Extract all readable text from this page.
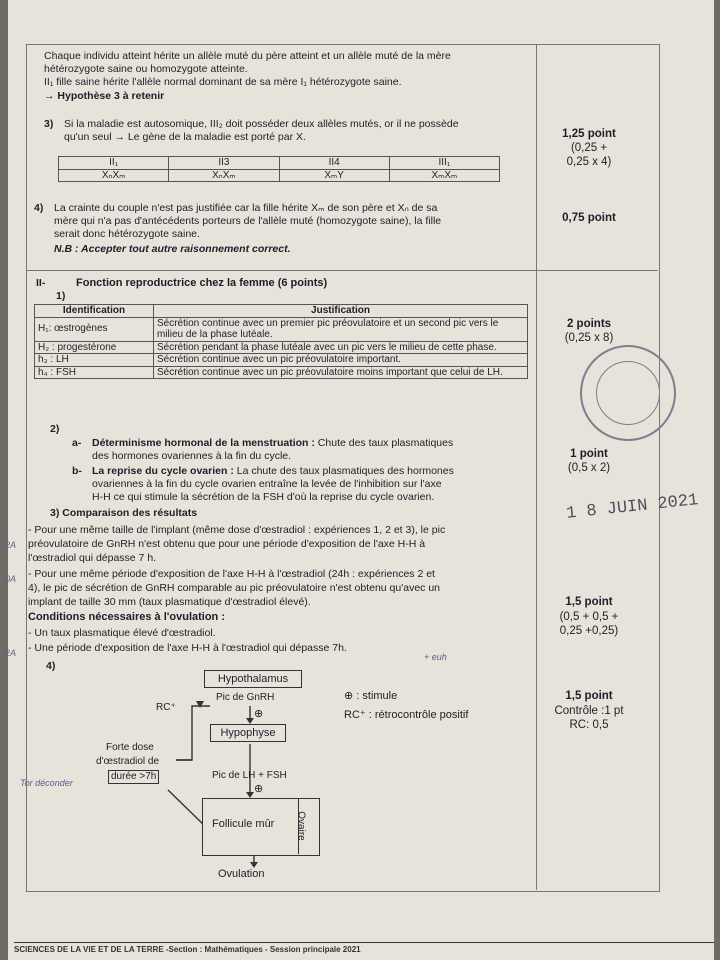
Chaque individu atteint hérite un allèle muté du père atteint et un allèle muté de la mère
hétérozygote saine ou homozygote atteinte.
II₁ fille saine hérite l'allèle normal dominant de sa mère I₁ hétérozygote saine.
→ Hypothèse 3 à retenir
3) Si la maladie est autosomique, III₂ doit posséder deux allèles mutés, or il ne possède
qu'un seul → Le gène de la maladie est porté par X.
II₁	II3	II4	III₁
XₙXₘ	XₙXₘ	XₘY	XₘXₘ
1,25 point
(0,25 +
0,25 x 4)
4) La crainte du couple n'est pas justifiée car la fille hérite Xₘ de son père et Xₙ de sa
mère qui n'a pas d'antécédents porteurs de l'allèle muté (homozygote saine), la fille
serait donc hétérozygote saine.
N.B : Accepter tout autre raisonnement correct.
0,75 point
II-	Fonction reproductrice chez la femme (6 points)
1)
Identification	Justification
H₁: œstrogènes	Sécrétion continue avec un premier pic préovulatoire et un second pic vers le milieu de la phase lutéale.
H₂ : progestérone	Sécrétion pendant la phase lutéale avec un pic vers le milieu de cette phase.
h₃ : LH	Sécrétion continue avec un pic préovulatoire important.
h₄ : FSH	Sécrétion continue avec un pic préovulatoire moins important que celui de LH.
2 points
(0,25 x 8)
2)
a- Déterminisme hormonal de la menstruation : Chute des taux plasmatiques
des hormones ovariennes à la fin du cycle.
b- La reprise du cycle ovarien : La chute des taux plasmatiques des hormones
ovariennes à la fin du cycle ovarien entraîne la levée de l'inhibition sur l'axe
H-H ce qui stimule la sécrétion de la FSH d'où la reprise du cycle ovarien.
1 point
(0,5 x 2)
3) Comparaison des résultats
- Pour une même taille de l'implant (même dose d'œstradiol : expériences 1, 2 et 3), le pic
préovulatoire de GnRH n'est obtenu que pour une période d'exposition de l'axe H-H à
l'œstradiol qui dépasse 7 h.
- Pour une même période d'exposition de l'axe H-H à l'œstradiol (24h : expériences 2 et
4), le pic de sécrétion de GnRH comparable au pic préovulatoire n'est obtenu qu'avec un
implant de taille 30 mm (taux plasmatique d'œstradiol élevé).
Conditions nécessaires à l'ovulation :
- Un taux plasmatique élevé d'œstradiol.
- Une période d'exposition de l'axe H-H à l'œstradiol qui dépasse 7h.
1,5 point
(0,5 + 0,5 +
0,25 +0,25)
4)
Hypothalamus
Pic de GnRH
⊕
Hypophyse
Pic de LH + FSH
⊕
Follicule mûr Ovaire
Ovulation
RC⁺
Forte dose
d'œstradiol de
durée >7h
⊕ : stimule
RC⁺ : rétrocontrôle positif
1,5 point
Contrôle :1 pt
RC: 0,5
1 8 JUIN 2021
+ euh
-2A
-0A
-2A
Tor déconder
SCIENCES DE LA VIE ET DE LA TERRE -Section : Mathématiques - Session principale 2021
